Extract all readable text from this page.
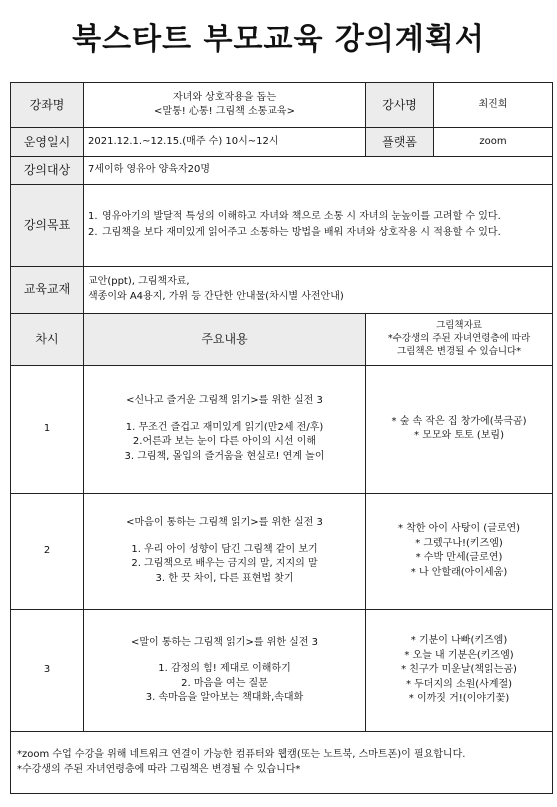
북스타트 부모교육 강의계획서
강좌명	자녀와 상호작용을 돕는
<말통! 心통! 그림책 소통교육>	강사명	최진희
운영일시	2021.12.1.~12.15.(매주 수) 10시~12시	플랫폼	zoom
강의대상	7세이하 영유아 양육자20명		
강의목표	1. 영유아기의 발달적 특성의 이해하고 자녀와 책으로 소통 시 자녀의 눈높이를 고려할 수 있다.
2. 그림책을 보다 재미있게 읽어주고 소통하는 방법을 배워 자녀와 상호작용 시 적용할 수 있다.		

교육교재	교안(ppt), 그림책자료,
색종이와 A4용지, 가위 등 간단한 안내물(차시별 사전안내)		

차시	주요내용	그림책자료
*수강생의 주된 자녀연령층에 따라
그림책은 변경될 수 있습니다*	

1	<신나고 즐거운 그림책 읽기>를 위한 실전 3
1. 무조건 즐겁고 재미있게 읽기(만2세 전/후)
2.어른과 보는 눈이 다른 아이의 시선 이해
3. 그림책, 몰입의 즐거움을 현실로! 연계 놀이	* 숲 속 작은 집 창가에(북극곰)
* 모모와 토토 (보림)	

2	<마음이 통하는 그림책 읽기>를 위한 실전 3
1. 우리 아이 성향이 담긴 그림책 같이 보기
2. 그림책으로 배우는 금지의 말, 지지의 말
3. 한 끗 차이, 다른 표현법 찾기	* 착한 아이 사탕이 (글로연)
* 그렜구나!(키즈엠)
* 수박 만세(글로연)
* 나 안할래(아이세움)	

3	<말이 통하는 그림책 읽기>를 위한 실전 3
1. 감정의 힘! 제대로 이해하기
2. 마음을 여는 질문
3. 속마음을 알아보는 책대화,속대화	* 기분이 나빠(키즈엠)
* 오늘 내 기분은(키즈엠)
* 친구가 미운날(책읽는곰)
* 두더지의 소원(사계절)
* 이까짓 거!(이야기꽃)	

*zoom 수업 수강을 위해 네트워크 연결이 가능한 컴퓨터와 웹캠(또는 노트북, 스마트폰)이 필요합니다.
*수강생의 주된 자녀연령층에 따라 그림책은 변경될 수 있습니다*			
